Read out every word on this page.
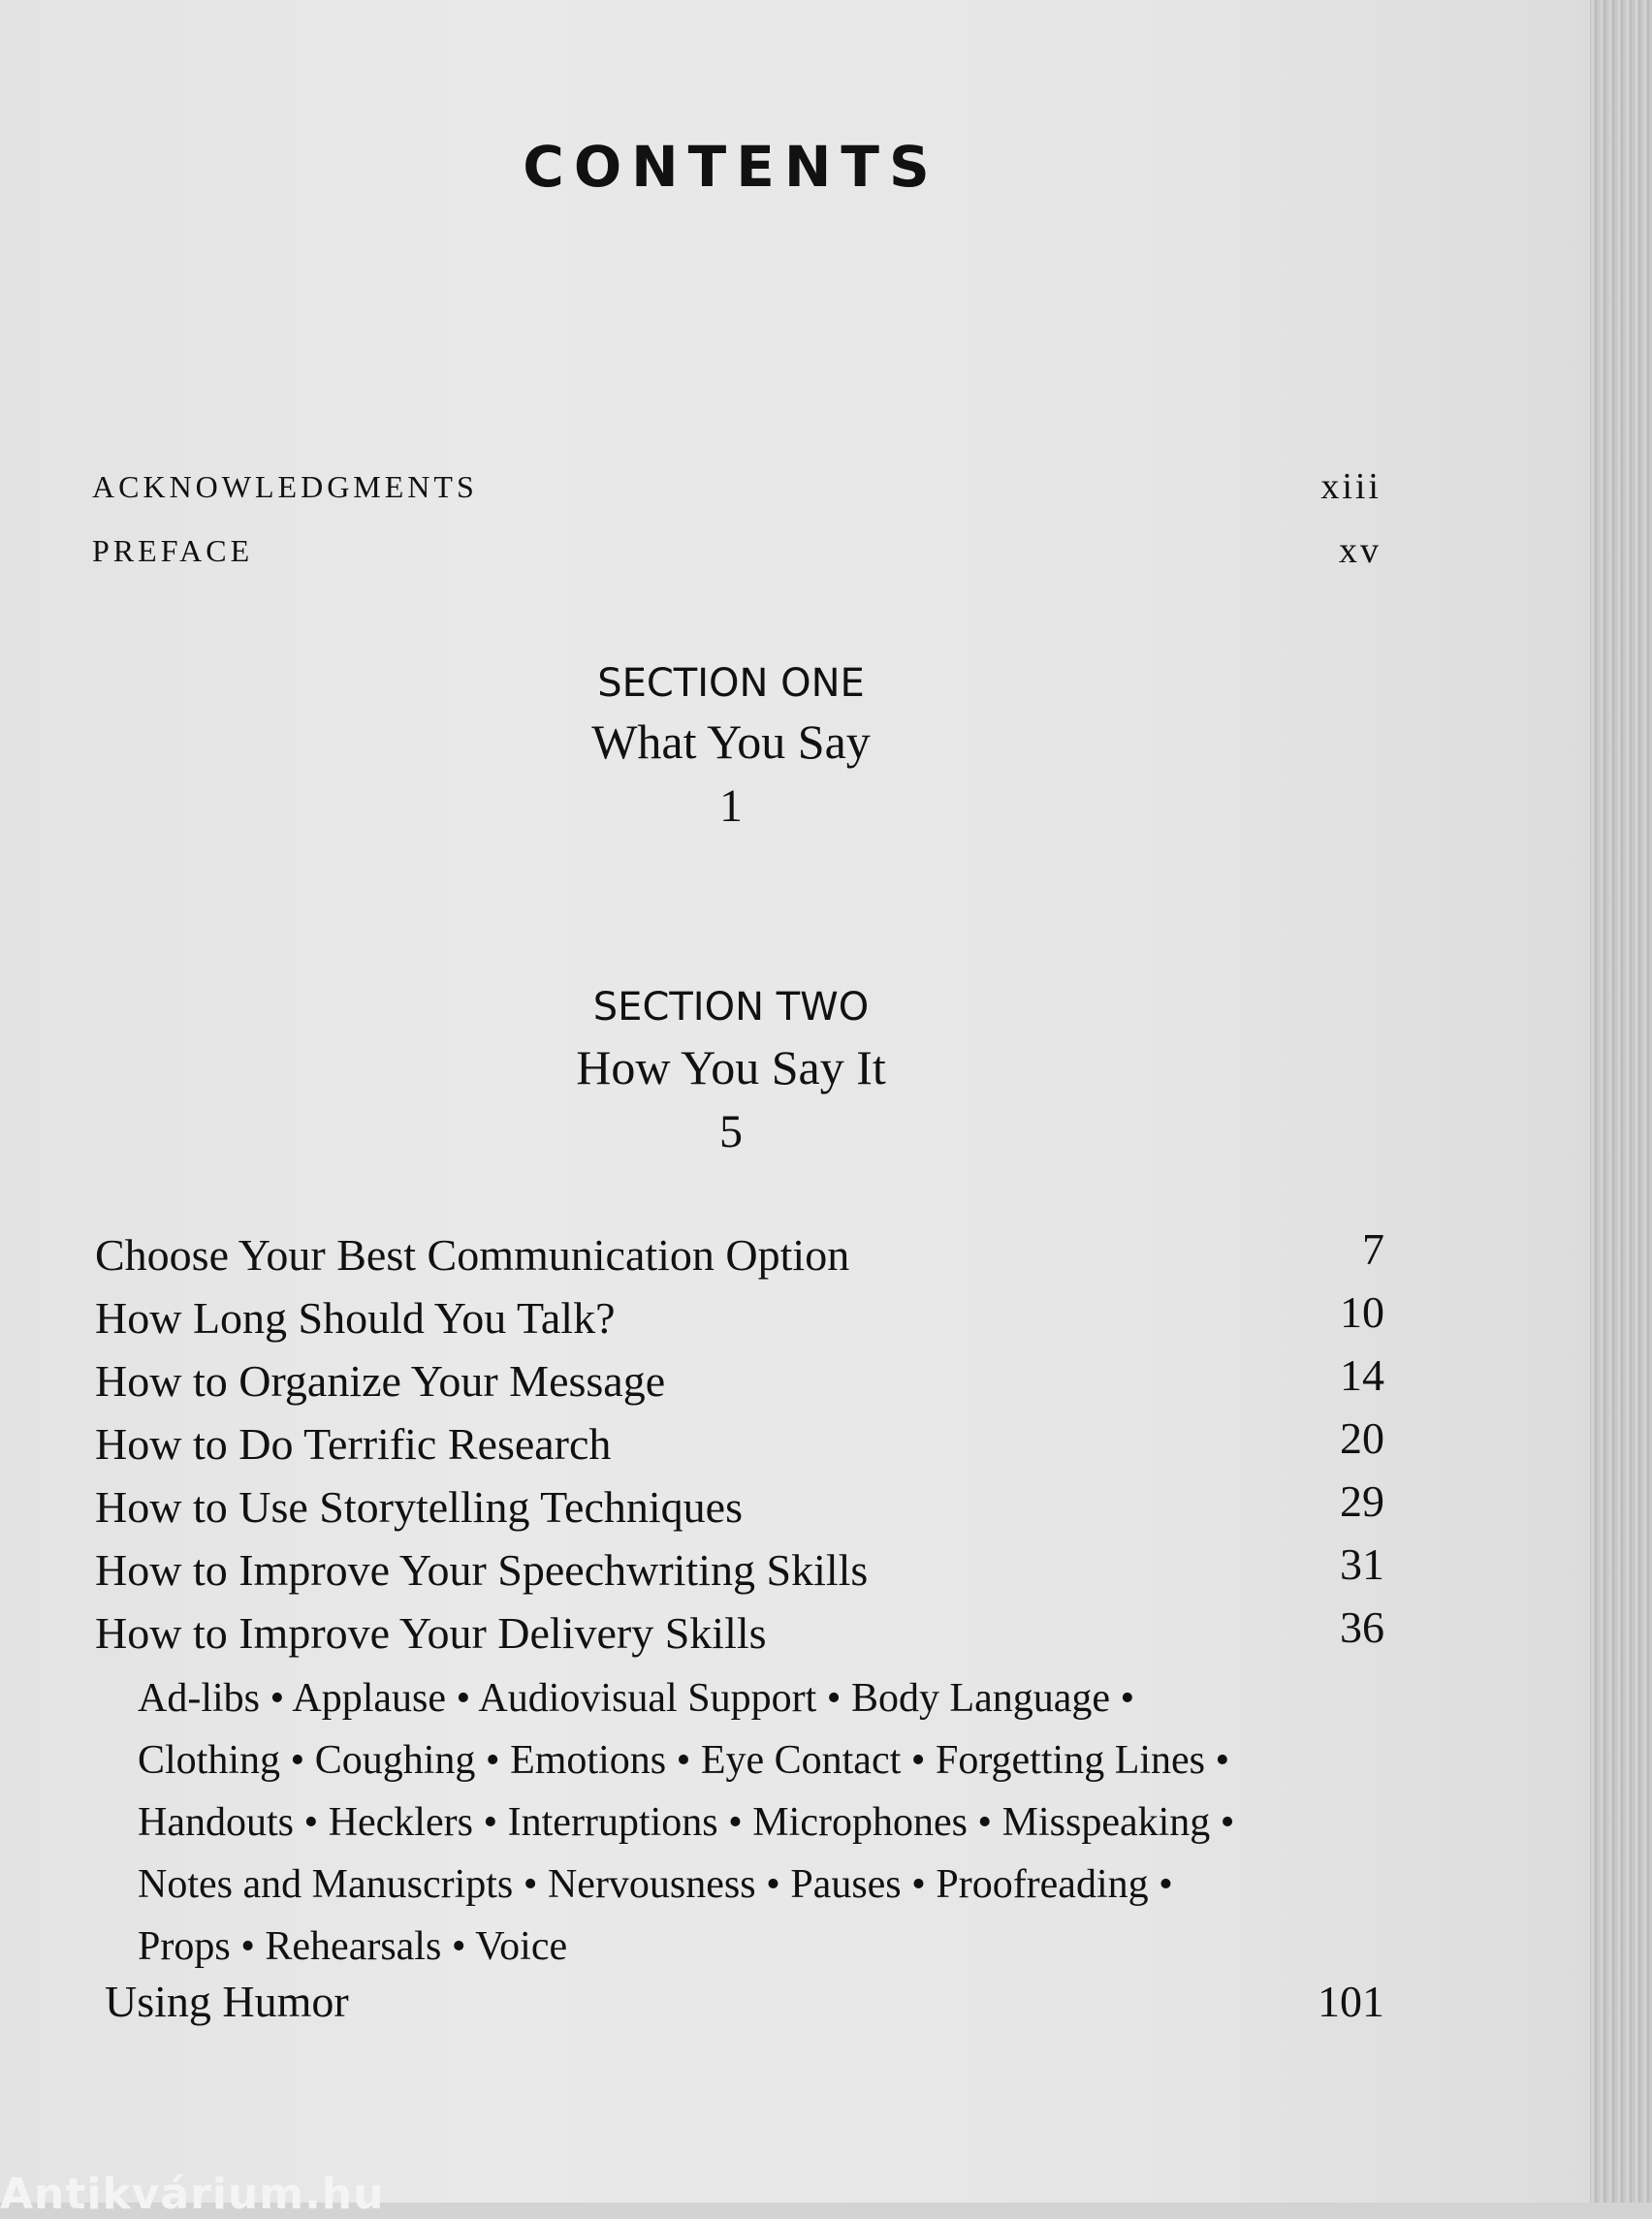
CONTENTS
ACKNOWLEDGMENTS	xiii
PREFACE	xv
SECTION ONE
What You Say
1
SECTION TWO
How You Say It
5
Choose Your Best Communication Option	7
How Long Should You Talk?	10
How to Organize Your Message	14
How to Do Terrific Research	20
How to Use Storytelling Techniques	29
How to Improve Your Speechwriting Skills	31
How to Improve Your Delivery Skills	36
Ad-libs • Applause • Audiovisual Support • Body Language •
Clothing • Coughing • Emotions • Eye Contact • Forgetting Lines •
Handouts • Hecklers • Interruptions • Microphones • Misspeaking •
Notes and Manuscripts • Nervousness • Pauses • Proofreading •
Props • Rehearsals • Voice
Using Humor	101
Antikvárium.hu
